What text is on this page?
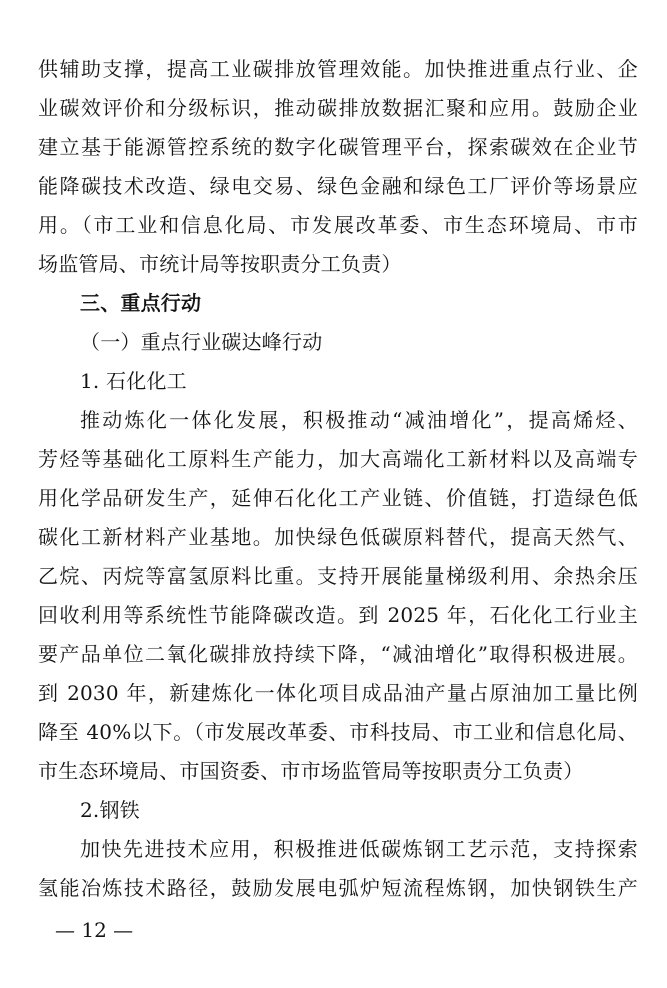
供辅助支撑，提高工业碳排放管理效能。加快推进重点行业、企
业碳效评价和分级标识，推动碳排放数据汇聚和应用。鼓励企业
建立基于能源管控系统的数字化碳管理平台，探索碳效在企业节
能降碳技术改造、绿电交易、绿色金融和绿色工厂评价等场景应
用。（市工业和信息化局、市发展改革委、市生态环境局、市市
场监管局、市统计局等按职责分工负责）
三、重点行动
（一）重点行业碳达峰行动
1. 石化化工
推动炼化一体化发展，积极推动“减油增化”，提高烯烃、
芳烃等基础化工原料生产能力，加大高端化工新材料以及高端专
用化学品研发生产，延伸石化化工产业链、价值链，打造绿色低
碳化工新材料产业基地。加快绿色低碳原料替代，提高天然气、
乙烷、丙烷等富氢原料比重。支持开展能量梯级利用、余热余压
回收利用等系统性节能降碳改造。到 2025 年，石化化工行业主
要产品单位二氧化碳排放持续下降，“减油增化”取得积极进展。
到 2030 年，新建炼化一体化项目成品油产量占原油加工量比例
降至 40%以下。（市发展改革委、市科技局、市工业和信息化局、
市生态环境局、市国资委、市市场监管局等按职责分工负责）
2.钢铁
加快先进技术应用，积极推进低碳炼钢工艺示范，支持探索
氢能冶炼技术路径，鼓励发展电弧炉短流程炼钢，加快钢铁生产
— 12 —
